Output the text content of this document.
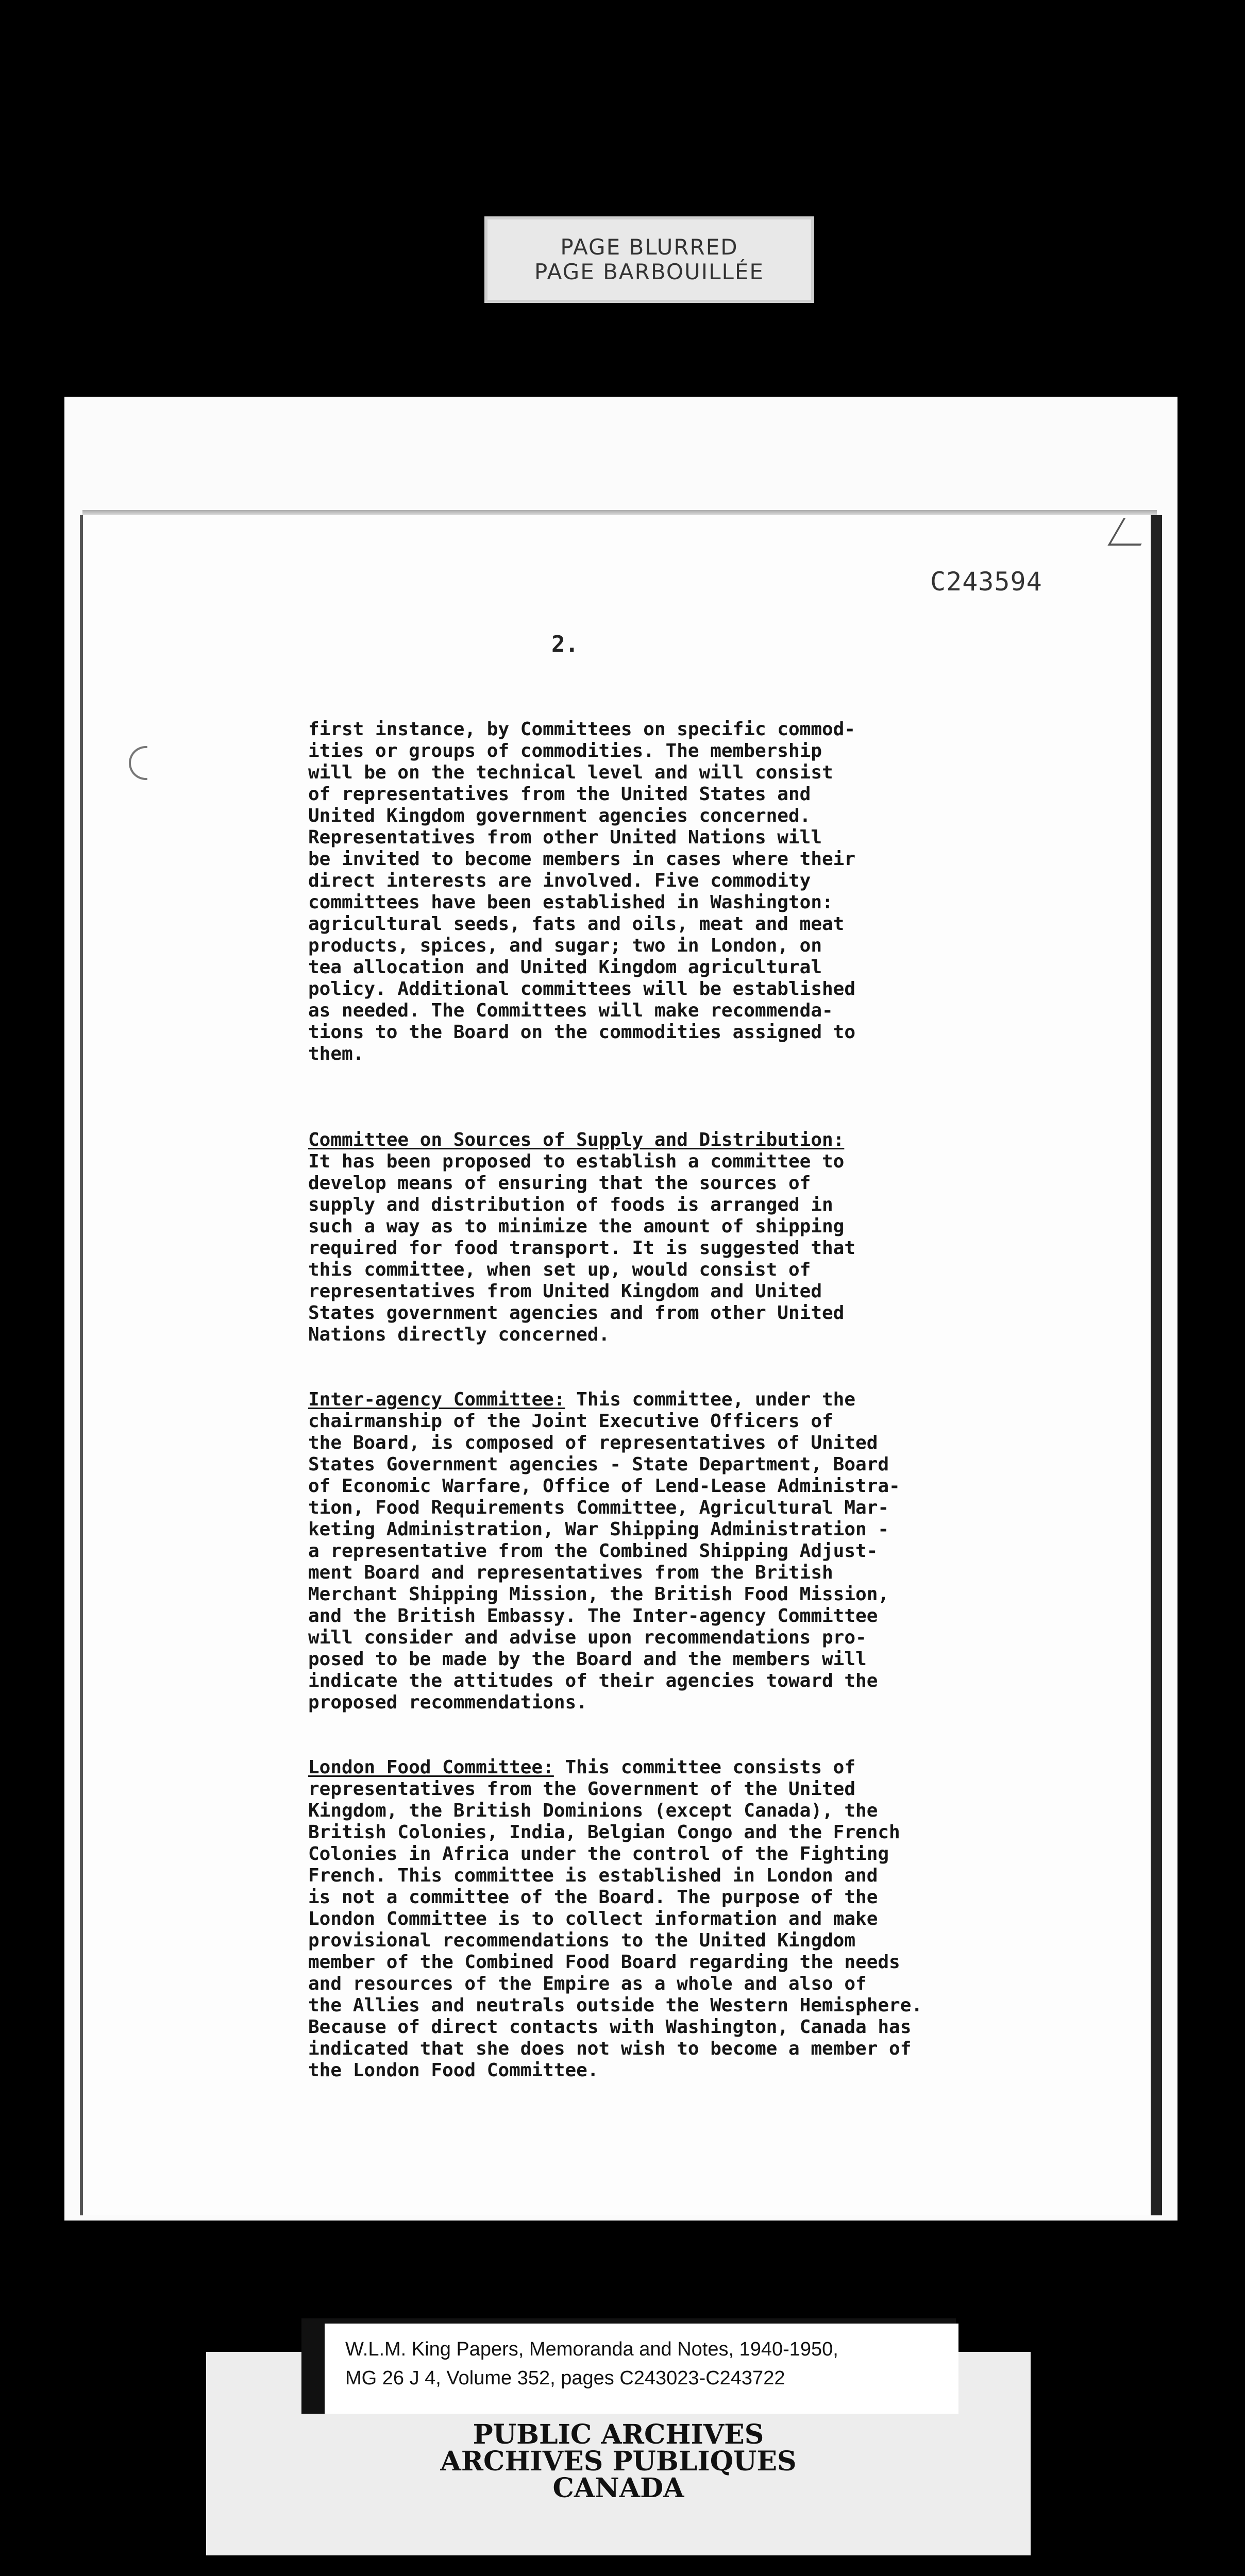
PAGE BLURRED
PAGE BARBOUILLÉE
C243594
2.

first instance, by Committees on specific commod-
ities or groups of commodities. The membership
will be on the technical level and will consist
of representatives from the United States and
United Kingdom government agencies concerned.
Representatives from other United Nations will
be invited to become members in cases where their
direct interests are involved. Five commodity
committees have been established in Washington:
agricultural seeds, fats and oils, meat and meat
products, spices, and sugar; two in London, on
tea allocation and United Kingdom agricultural
policy. Additional committees will be established
as needed. The Committees will make recommenda-
tions to the Board on the commodities assigned to
them.

Committee on Sources of Supply and Distribution:
It has been proposed to establish a committee to
develop means of ensuring that the sources of
supply and distribution of foods is arranged in
such a way as to minimize the amount of shipping
required for food transport. It is suggested that
this committee, when set up, would consist of
representatives from United Kingdom and United
States government agencies and from other United
Nations directly concerned.

Inter-agency Committee: This committee, under the
chairmanship of the Joint Executive Officers of
the Board, is composed of representatives of United
States Government agencies - State Department, Board
of Economic Warfare, Office of Lend-Lease Administra-
tion, Food Requirements Committee, Agricultural Mar-
keting Administration, War Shipping Administration -
a representative from the Combined Shipping Adjust-
ment Board and representatives from the British
Merchant Shipping Mission, the British Food Mission,
and the British Embassy. The Inter-agency Committee
will consider and advise upon recommendations pro-
posed to be made by the Board and the members will
indicate the attitudes of their agencies toward the
proposed recommendations.

London Food Committee: This committee consists of
representatives from the Government of the United
Kingdom, the British Dominions (except Canada), the
British Colonies, India, Belgian Congo and the French
Colonies in Africa under the control of the Fighting
French. This committee is established in London and
is not a committee of the Board. The purpose of the
London Committee is to collect information and make
provisional recommendations to the United Kingdom
member of the Combined Food Board regarding the needs
and resources of the Empire as a whole and also of
the Allies and neutrals outside the Western Hemisphere.
Because of direct contacts with Washington, Canada has
indicated that she does not wish to become a member of
the London Food Committee.

W.L.M. King Papers, Memoranda and Notes, 1940-1950,
MG 26 J 4, Volume 352, pages C243023-C243722
PUBLIC ARCHIVES
ARCHIVES PUBLIQUES
CANADA
